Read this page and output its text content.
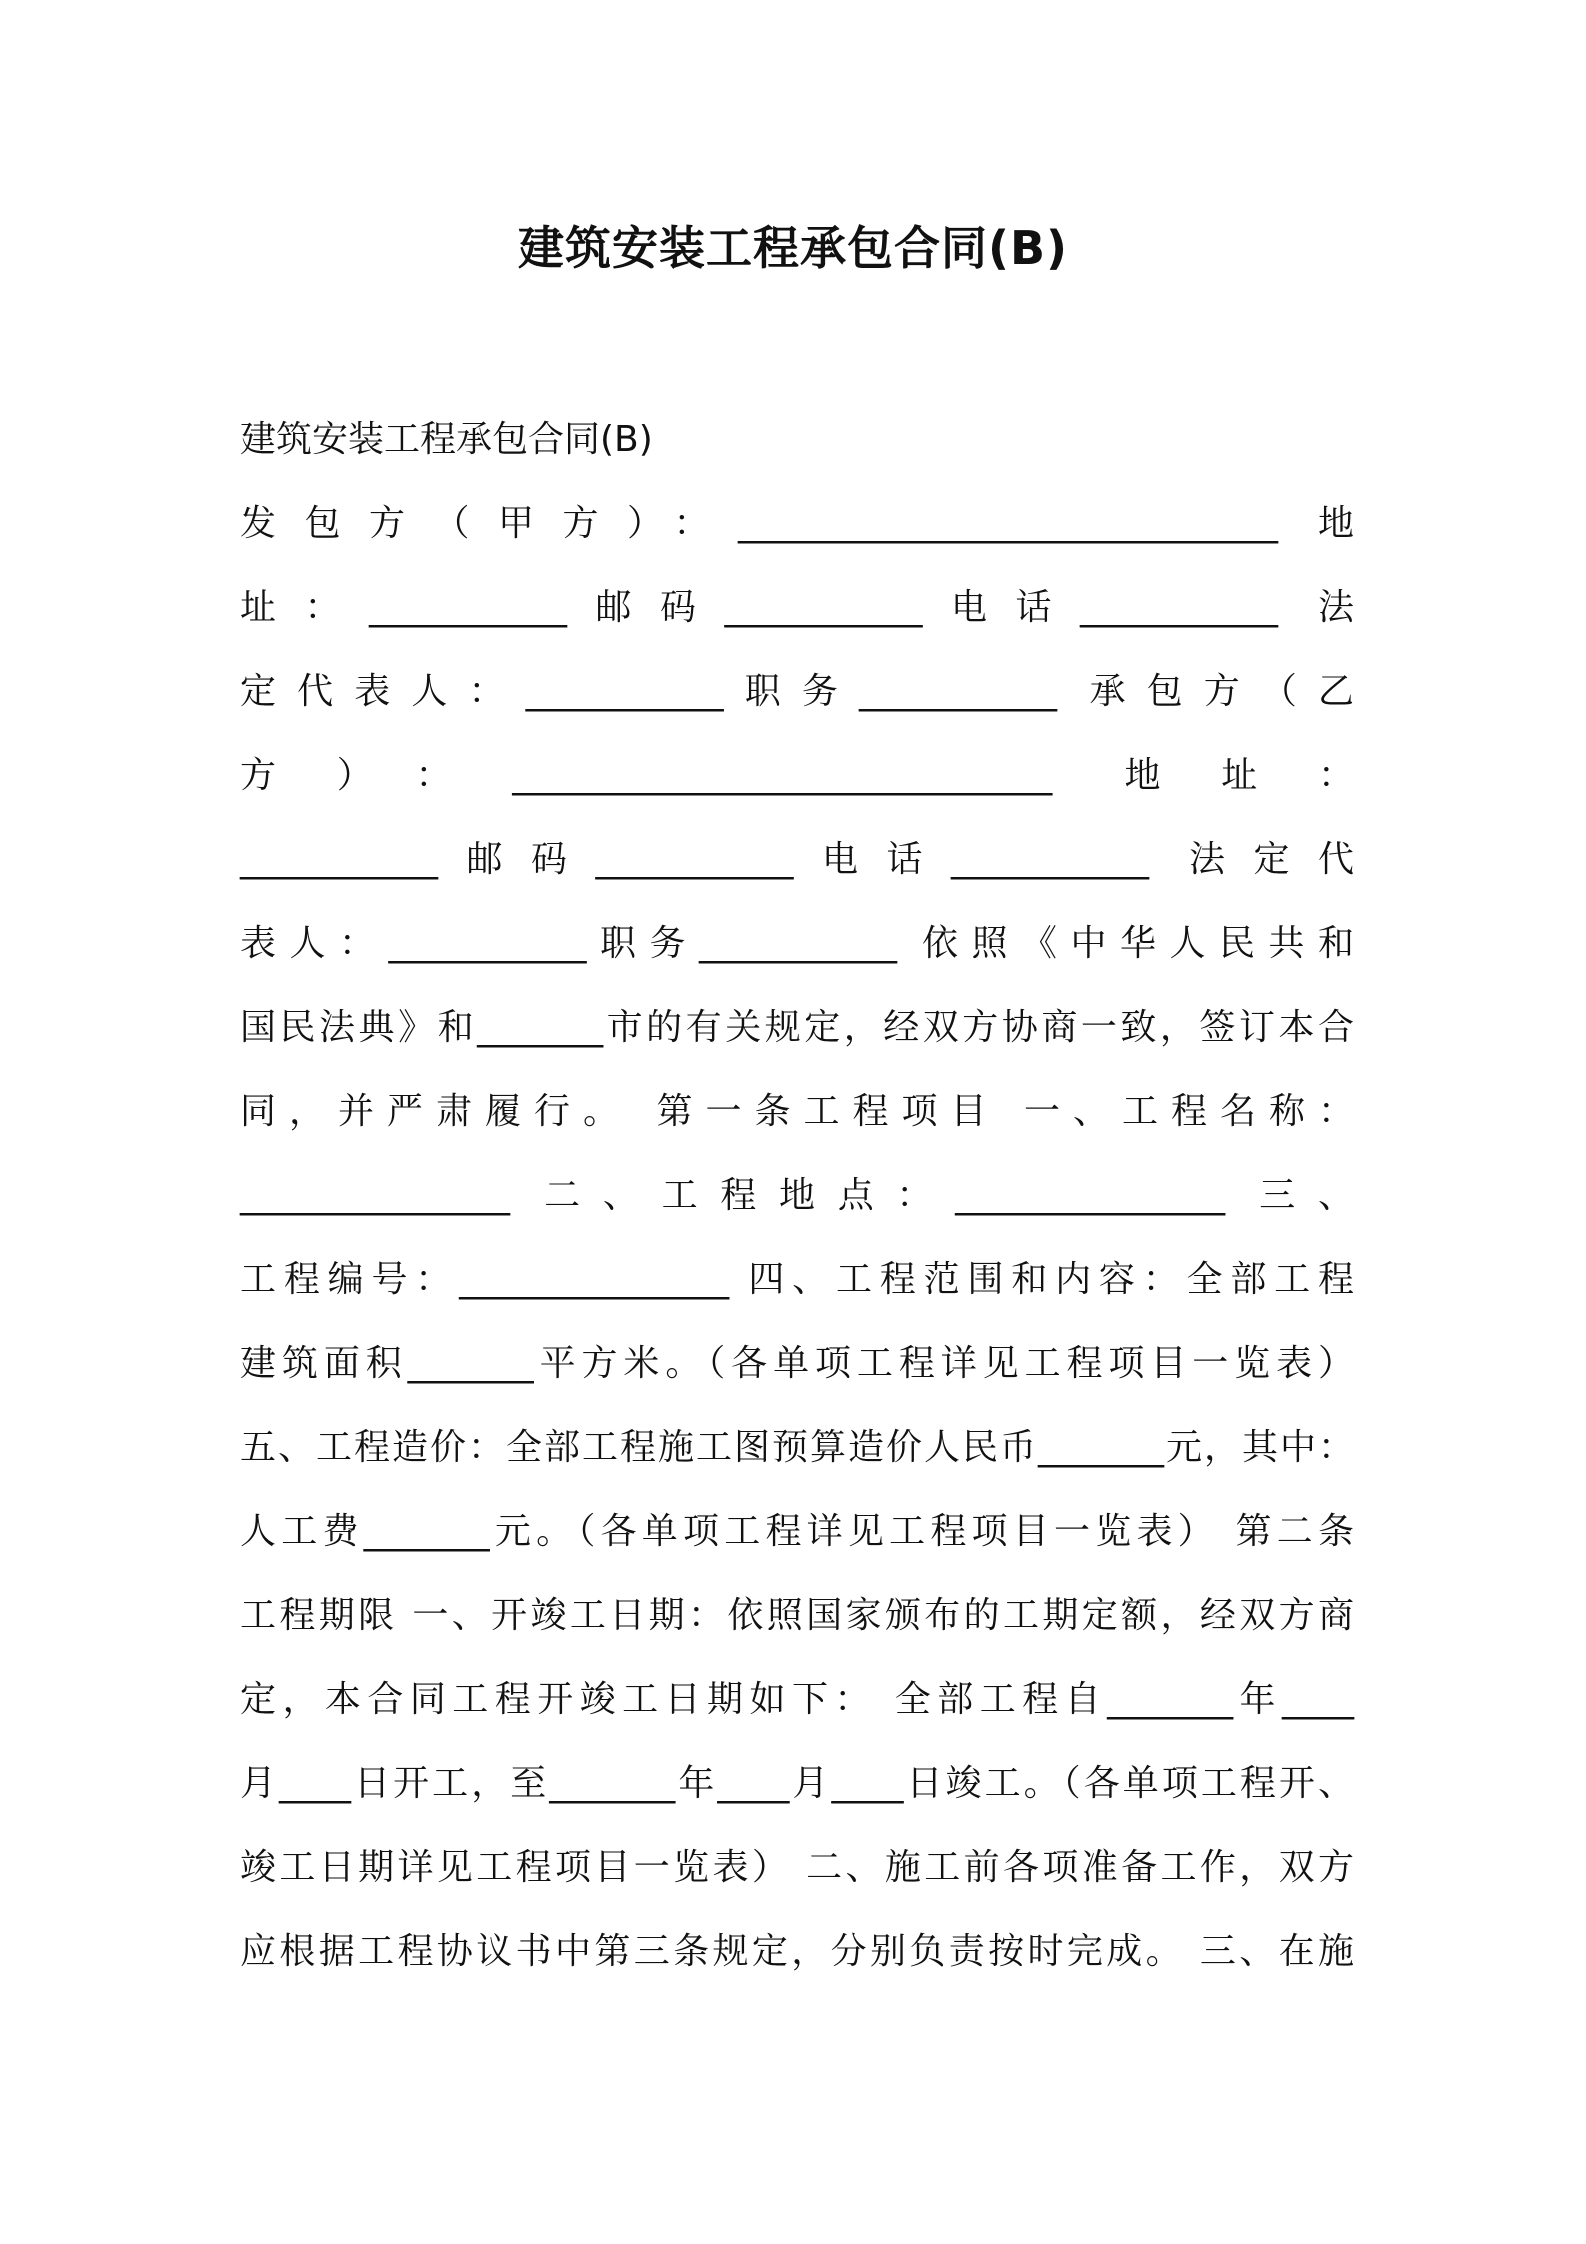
建筑安装工程承包合同(B)
建筑安装工程承包合同(B)
发包方（甲方）：______________________________ 地
址：___________邮码___________电话___________ 法
定代表人：___________职务___________ 承包方（乙
方）：______________________________ 地址：
___________邮码___________电话___________ 法定代
表人：___________职务___________ 依照《中华人民共和
国民法典》和_______市的有关规定，经双方协商一致，签订本合
同，并严肃履行。 第一条工程项目 一、工程名称：
_______________ 二、工程地点：_______________ 三、
工程编号：_______________ 四、工程范围和内容：全部工程
建筑面积_______平方米。（各单项工程详见工程项目一览表）
五、工程造价：全部工程施工图预算造价人民币_______元，其中：
人工费_______元。（各单项工程详见工程项目一览表） 第二条
工程期限 一、开竣工日期：依照国家颁布的工期定额，经双方商
定，本合同工程开竣工日期如下： 全部工程自_______年____
月____日开工，至_______年____月____日竣工。（各单项工程开、
竣工日期详见工程项目一览表） 二、施工前各项准备工作，双方
应根据工程协议书中第三条规定，分别负责按时完成。 三、在施
